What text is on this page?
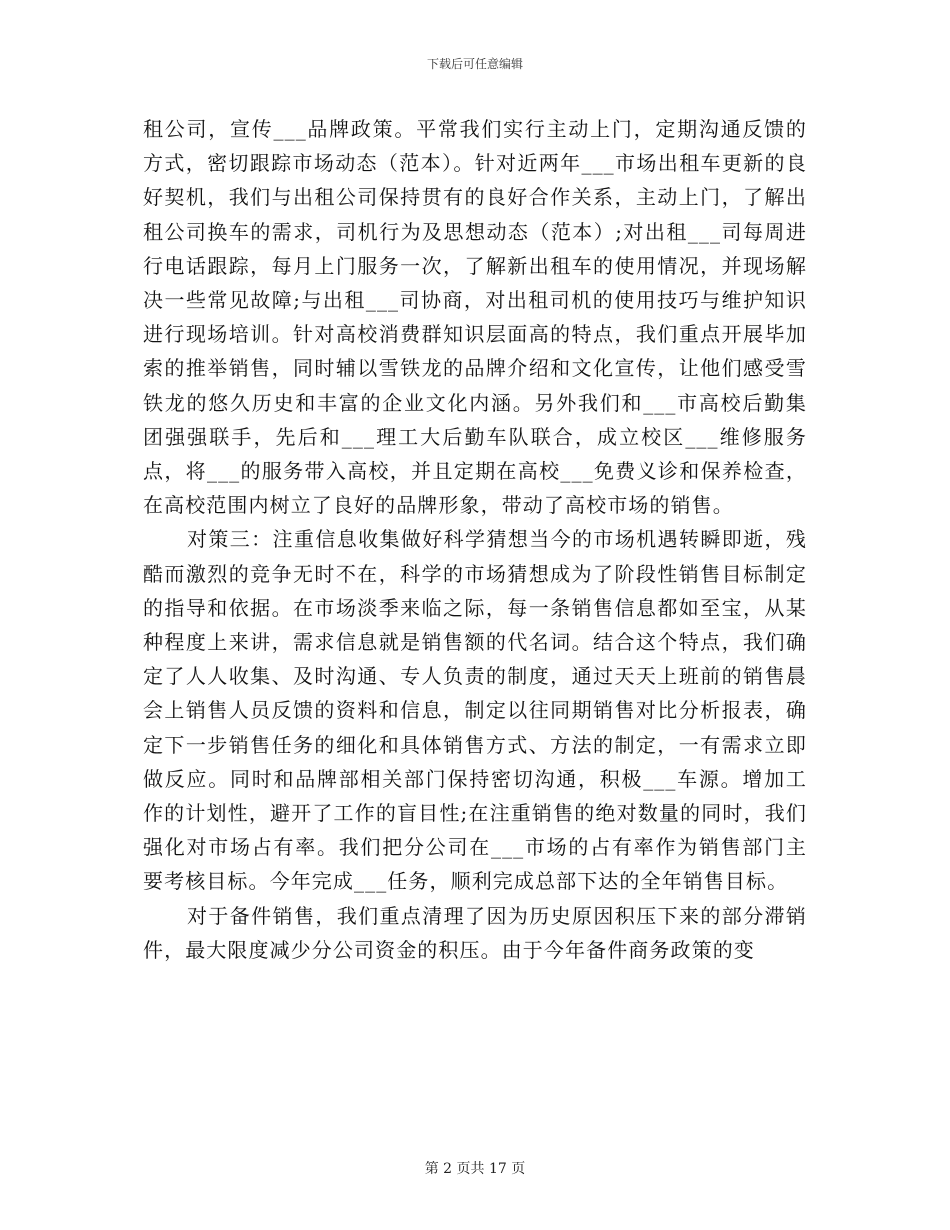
下载后可任意编辑

租公司，宣传___品牌政策。平常我们实行主动上门，定期沟通反馈的方式，密切跟踪市场动态（范本）。针对近两年___市场出租车更新的良好契机，我们与出租公司保持贯有的良好合作关系，主动上门，了解出租公司换车的需求，司机行为及思想动态（范本）;对出租___司每周进行电话跟踪，每月上门服务一次，了解新出租车的使用情况，并现场解决一些常见故障;与出租___司协商，对出租司机的使用技巧与维护知识进行现场培训。针对高校消费群知识层面高的特点，我们重点开展毕加索的推举销售，同时辅以雪铁龙的品牌介绍和文化宣传，让他们感受雪铁龙的悠久历史和丰富的企业文化内涵。另外我们和___市高校后勤集团强强联手，先后和___理工大后勤车队联合，成立校区___维修服务点，将___的服务带入高校，并且定期在高校___免费义诊和保养检查，在高校范围内树立了良好的品牌形象，带动了高校市场的销售。

对策三：注重信息收集做好科学猜想当今的市场机遇转瞬即逝，残酷而激烈的竞争无时不在，科学的市场猜想成为了阶段性销售目标制定的指导和依据。在市场淡季来临之际，每一条销售信息都如至宝，从某种程度上来讲，需求信息就是销售额的代名词。结合这个特点，我们确定了人人收集、及时沟通、专人负责的制度，通过天天上班前的销售晨会上销售人员反馈的资料和信息，制定以往同期销售对比分析报表，确定下一步销售任务的细化和具体销售方式、方法的制定，一有需求立即做反应。同时和品牌部相关部门保持密切沟通，积极___车源。增加工作的计划性，避开了工作的盲目性;在注重销售的绝对数量的同时，我们强化对市场占有率。我们把分公司在___市场的占有率作为销售部门主要考核目标。今年完成___任务，顺利完成总部下达的全年销售目标。

对于备件销售，我们重点清理了因为历史原因积压下来的部分滞销件，最大限度减少分公司资金的积压。由于今年备件商务政策的变

第 2 页共 17 页
